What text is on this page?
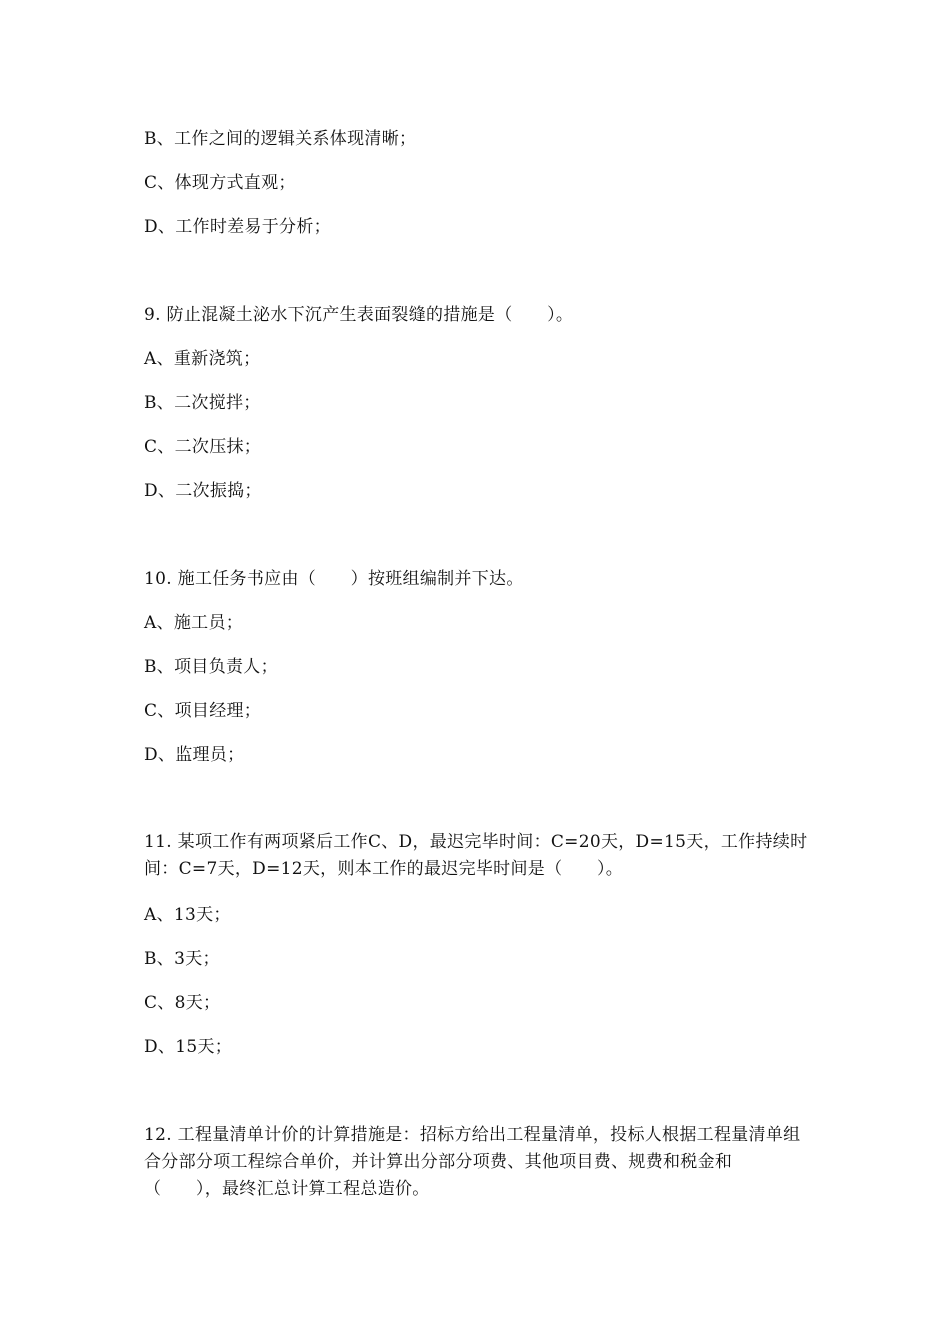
B、工作之间的逻辑关系体现清晰；
C、体现方式直观；
D、工作时差易于分析；
9. 防止混凝土泌水下沉产生表面裂缝的措施是（　　）。
A、重新浇筑；
B、二次搅拌；
C、二次压抹；
D、二次振捣；
10. 施工任务书应由（　　）按班组编制并下达。
A、施工员；
B、项目负责人；
C、项目经理；
D、监理员；
11. 某项工作有两项紧后工作C、D，最迟完毕时间：C=20天，D=15天，工作持续时间：C=7天，D=12天，则本工作的最迟完毕时间是（　　）。
A、13天；
B、3天；
C、8天；
D、15天；
12. 工程量清单计价的计算措施是：招标方给出工程量清单，投标人根据工程量清单组合分部分项工程综合单价，并计算出分部分项费、其他项目费、规费和税金和（　　），最终汇总计算工程总造价。
